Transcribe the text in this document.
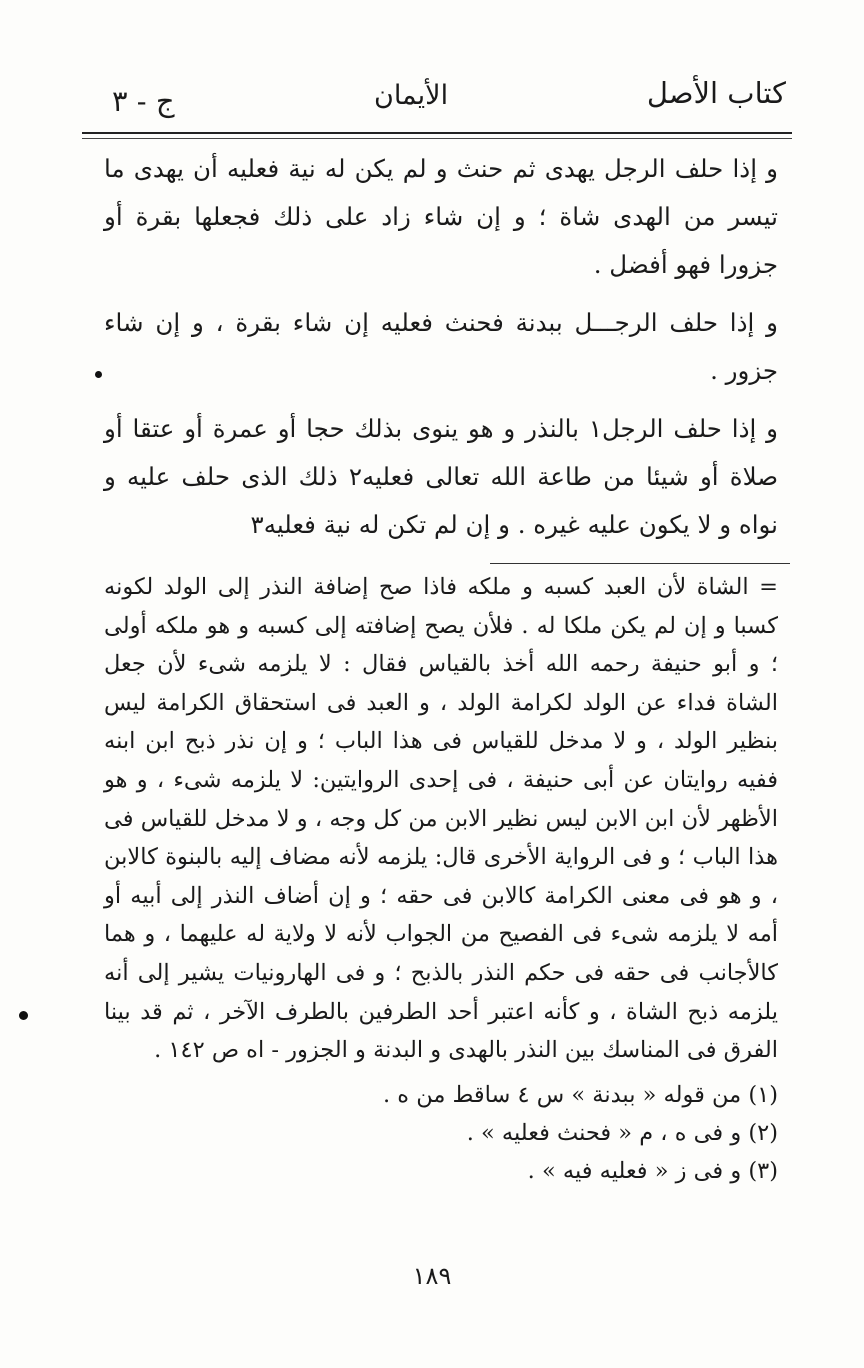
كتاب الأصل
الأيمان
ج - ٣

و إذا حلف الرجل يهدى ثم حنث و لم يكن له نية فعليه أن يهدى ما تيسر من الهدى شاة ؛ و إن شاء زاد على ذلك فجعلها بقرة أو جزورا فهو أفضل .

و إذا حلف الرجـــل ببدنة فحنث فعليه إن شاء بقرة ، و إن شاء جزور .

و إذا حلف الرجل١ بالنذر و هو ينوى بذلك حجا أو عمرة أو عتقا أو صلاة أو شيئا من طاعة الله تعالى فعليه٢ ذلك الذى حلف عليه و نواه و لا يكون عليه غيره . و إن لم تكن له نية فعليه٣

= الشاة لأن العبد كسبه و ملكه فاذا صح إضافة النذر إلى الولد لكونه كسبا و إن لم يكن ملكا له . فلأن يصح إضافته إلى كسبه و هو ملكه أولى ؛ و أبو حنيفة رحمه الله أخذ بالقياس فقال : لا يلزمه شىء لأن جعل الشاة فداء عن الولد لكرامة الولد ، و العبد فى استحقاق الكرامة ليس بنظير الولد ، و لا مدخل للقياس فى هذا الباب ؛ و إن نذر ذبح ابن ابنه ففيه روايتان عن أبى حنيفة ، فى إحدى الروايتين: لا يلزمه شىء ، و هو الأظهر لأن ابن الابن ليس نظير الابن من كل وجه ، و لا مدخل للقياس فى هذا الباب ؛ و فى الرواية الأخرى قال: يلزمه لأنه مضاف إليه بالبنوة كالابن ، و هو فى معنى الكرامة كالابن فى حقه ؛ و إن أضاف النذر إلى أبيه أو أمه لا يلزمه شىء فى الفصيح من الجواب لأنه لا ولاية له عليهما ، و هما كالأجانب فى حقه فى حكم النذر بالذبح ؛ و فى الهارونيات يشير إلى أنه يلزمه ذبح الشاة ، و كأنه اعتبر أحد الطرفين بالطرف الآخر ، ثم قد بينا الفرق فى المناسك بين النذر بالهدى و البدنة و الجزور - اه ص ١٤٢ .

(١) من قوله « ببدنة » س ٤ ساقط من ه .
(٢) و فى ه ، م « فحنث فعليه » .
(٣) و فى ز « فعليه فيه » .
١٨٩
